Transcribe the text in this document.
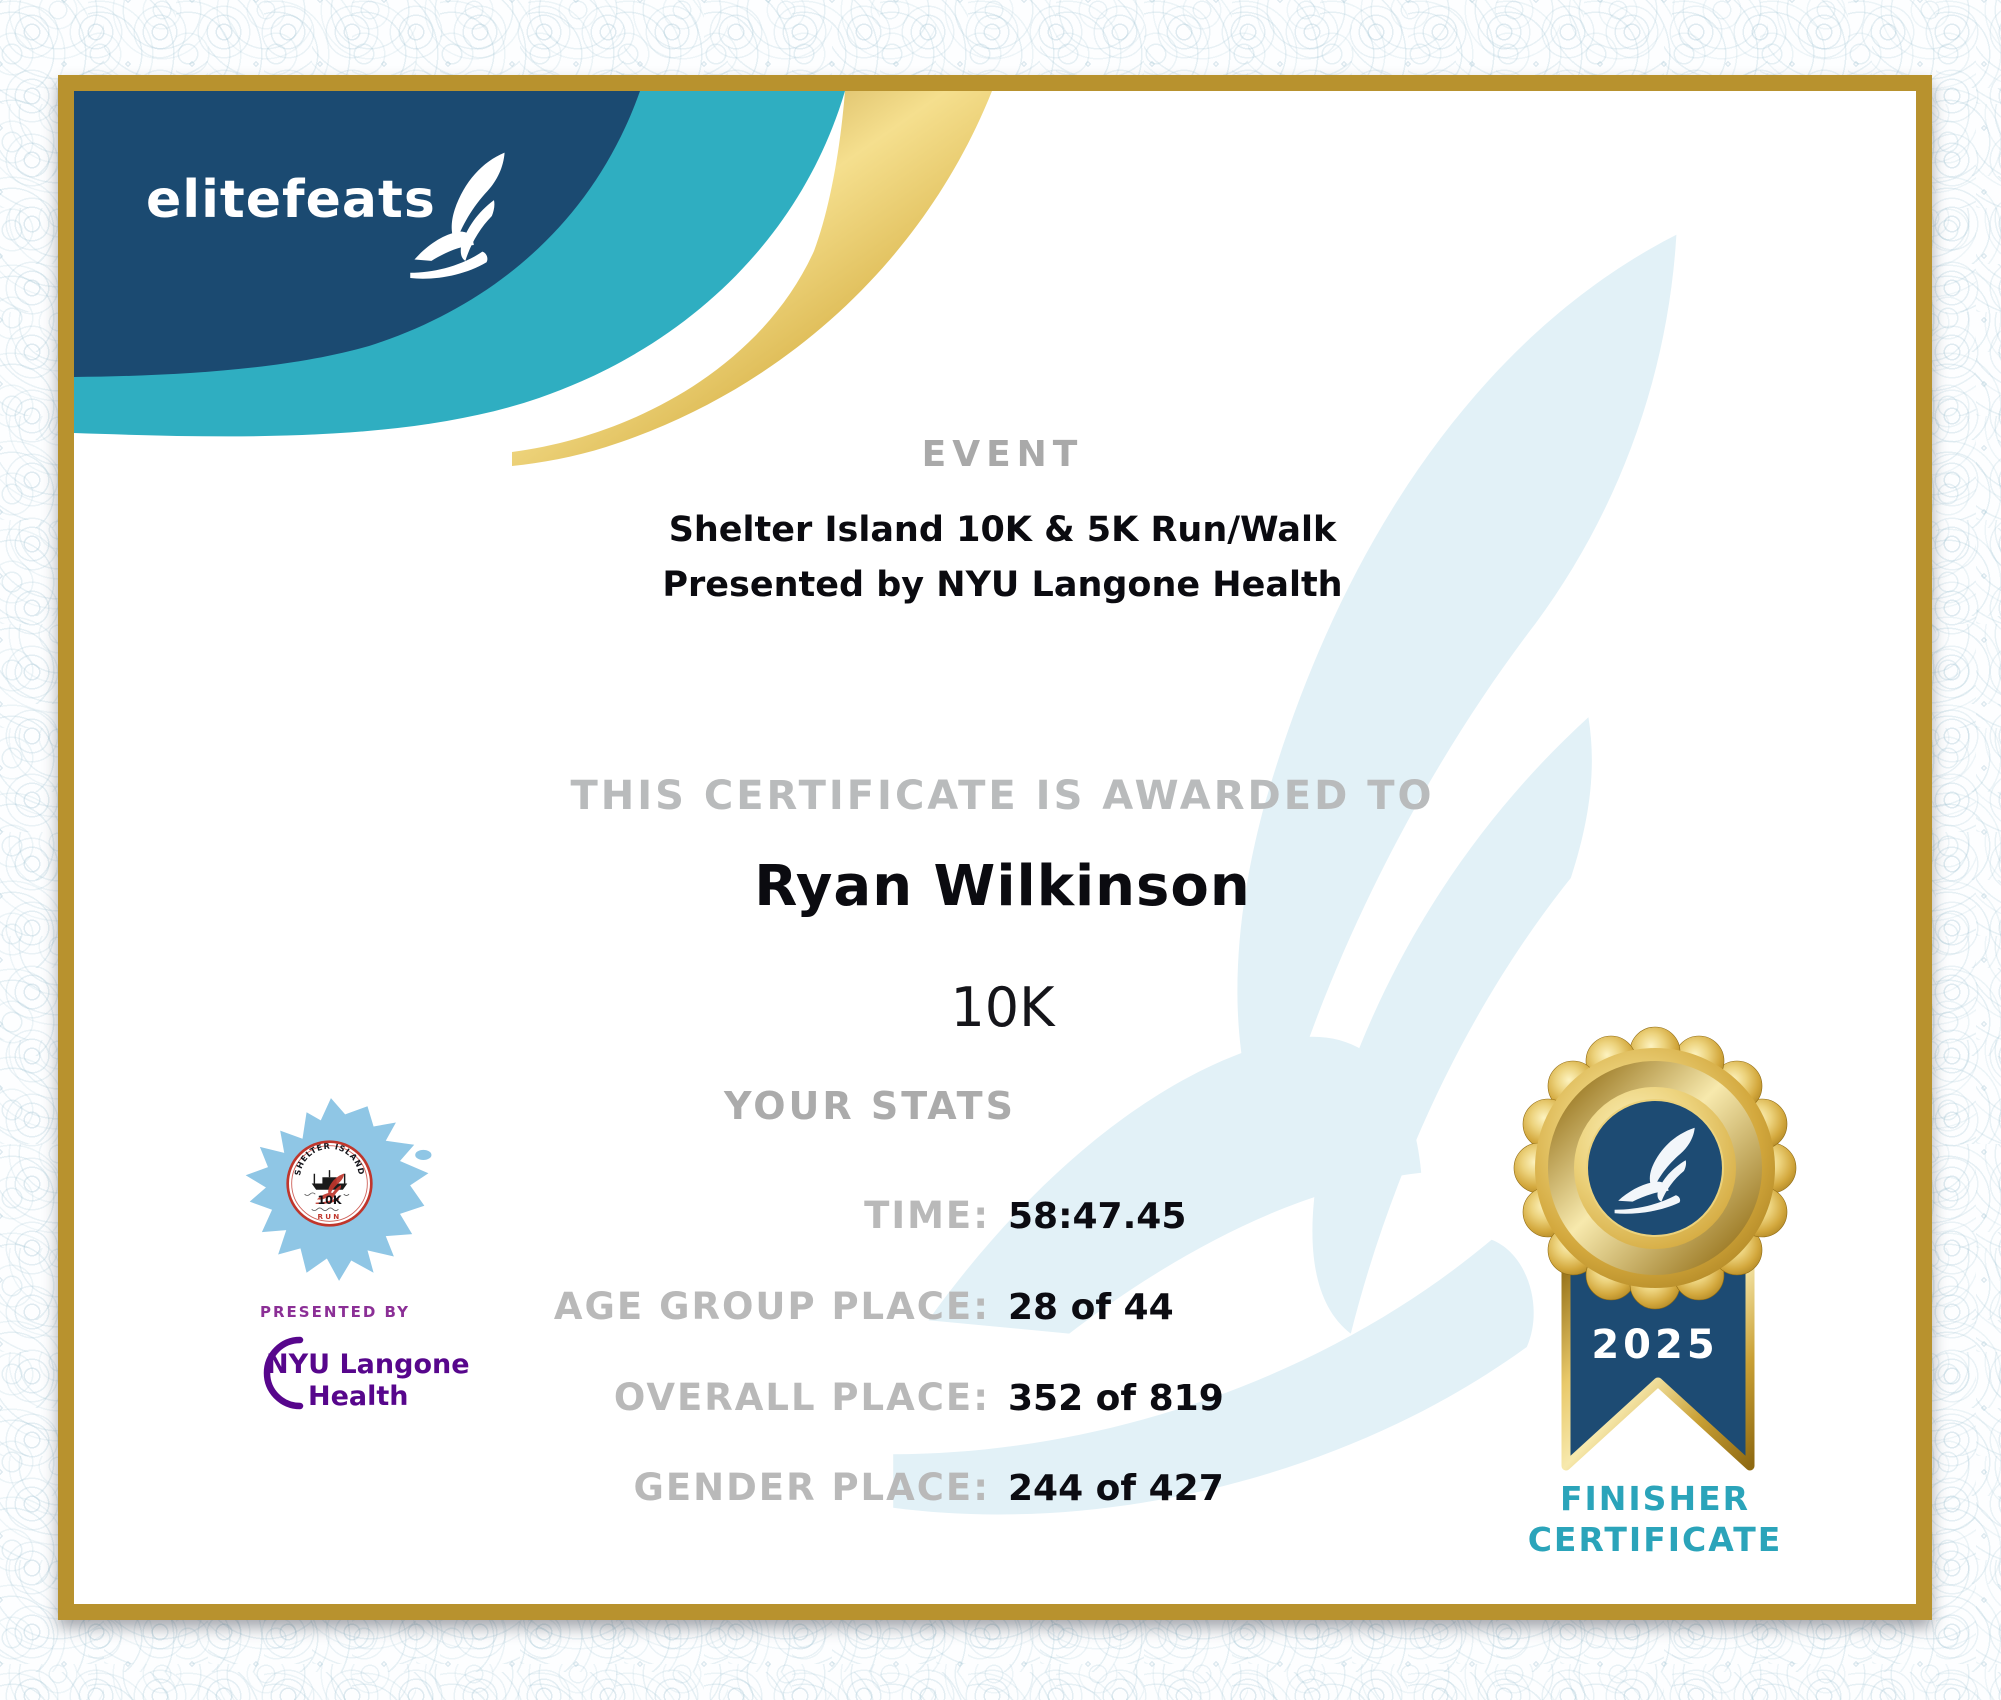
elitefeats
EVENT
Shelter Island 10K & 5K Run/Walk
Presented by NYU Langone Health
THIS CERTIFICATE IS AWARDED TO
Ryan Wilkinson
10K
YOUR STATS
TIME : 58:47.45
AGE GROUP PLACE : 28 of 44
OVERALL PLACE : 352 of 819
GENDER PLACE : 244 of 427
SHELTER ISLAND
10K
RUN
PRESENTED BY
NYU Langone
Health
2025
FINISHER
CERTIFICATE
